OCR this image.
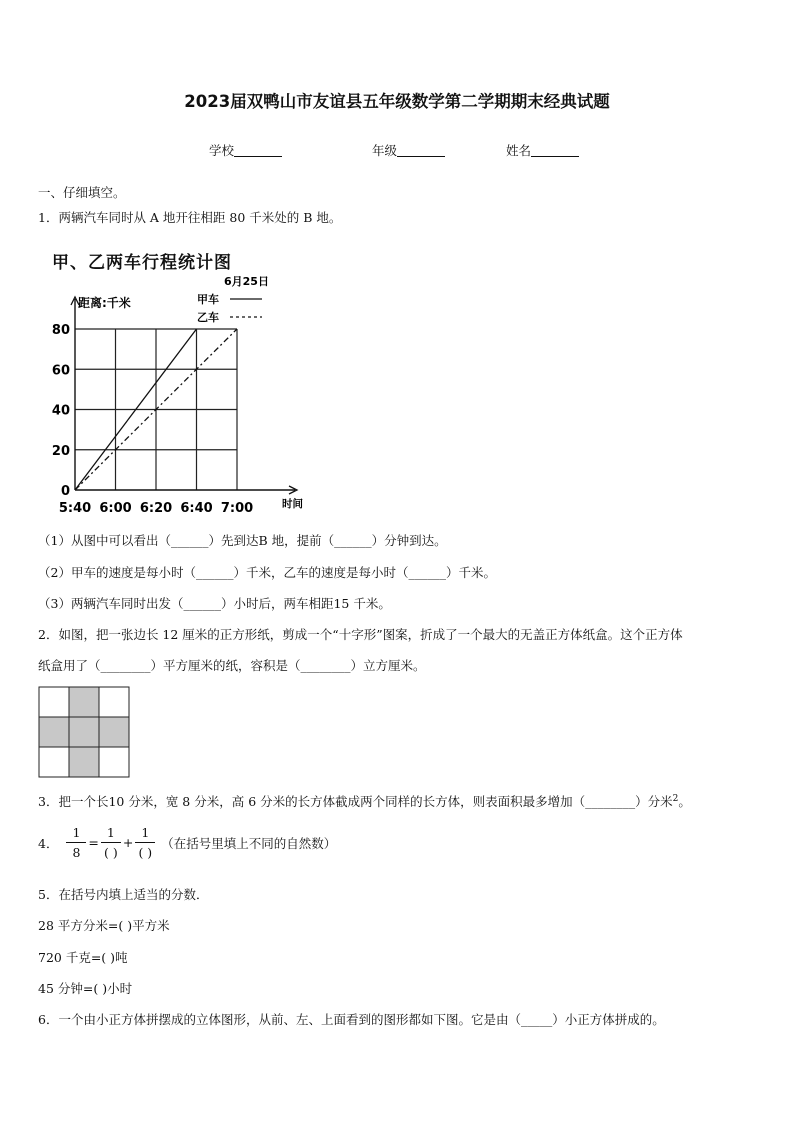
2023届双鸭山市友谊县五年级数学第二学期期末经典试题
学校	年级	姓名
一、仔细填空。
1．两辆汽车同时从 A 地开往相距 80 千米处的 B 地。
甲、乙两车行程统计图
6月25日
甲车
乙车
距离:千米
时间
0
20
40
60
80
5:40 6:00 6:20 6:40 7:00
（1）从图中可以看出（______）先到达B 地，提前（______）分钟到达。
（2）甲车的速度是每小时（______）千米，乙车的速度是每小时（______）千米。
（3）两辆汽车同时出发（______）小时后，两车相距15 千米。
2．如图，把一张边长 12 厘米的正方形纸，剪成一个“十字形”图案，折成了一个最大的无盖正方体纸盒。这个正方体
纸盒用了（________）平方厘米的纸，容积是（________）立方厘米。
3．把一个长10 分米，宽 8 分米，高 6 分米的长方体截成两个同样的长方体，则表面积最多增加（________）分米$^2$。
4． $\frac{1}{8} = \frac{1}{( )} + \frac{1}{( )}$ （在括号里填上不同的自然数）
5．在括号内填上适当的分数．
28 平方分米=( )平方米
720 千克=( )吨
45 分钟=( )小时
6．一个由小正方体拼摆成的立体图形，从前、左、上面看到的图形都如下图。它是由（_____）小正方体拼成的。
